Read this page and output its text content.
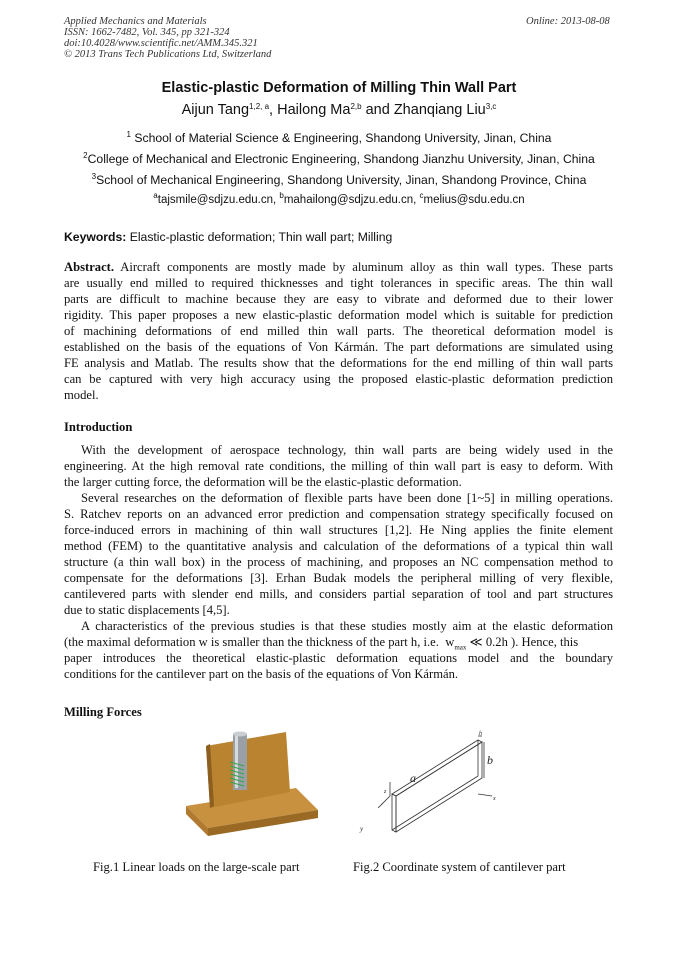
Applied Mechanics and Materials
ISSN: 1662-7482, Vol. 345, pp 321-324
doi:10.4028/www.scientific.net/AMM.345.321
© 2013 Trans Tech Publications Ltd, Switzerland
Online: 2013-08-08
Elastic-plastic Deformation of Milling Thin Wall Part
Aijun Tang$^{1,2, a}$, Hailong Ma$^{2,b}$ and Zhanqiang Liu$^{3,c}$
$^1$ School of Material Science & Engineering, Shandong University, Jinan, China
$^2$College of Mechanical and Electronic Engineering, Shandong Jianzhu University, Jinan, China
$^3$School of Mechanical Engineering, Shandong University, Jinan, Shandong Province, China
$^a$tajsmile@sdjzu.edu.cn, $^b$mahailong@sdjzu.edu.cn, $^c$melius@sdu.edu.cn
Keywords: Elastic-plastic deformation; Thin wall part; Milling
Abstract. Aircraft components are mostly made by aluminum alloy as thin wall types. These parts
are usually end milled to required thicknesses and tight tolerances in specific areas. The thin wall
parts are difficult to machine because they are easy to vibrate and deformed due to their lower
rigidity. This paper proposes a new elastic-plastic deformation model which is suitable for prediction
of machining deformations of end milled thin wall parts. The theoretical deformation model is
established on the basis of the equations of Von Kármán. The part deformations are simulated using
FE analysis and Matlab. The results show that the deformations for the end milling of thin wall parts
can be captured with very high accuracy using the proposed elastic-plastic deformation prediction
model.
Introduction
With the development of aerospace technology, thin wall parts are being widely used in the
engineering. At the high removal rate conditions, the milling of thin wall part is easy to deform. With
the larger cutting force, the deformation will be the elastic-plastic deformation.
Several researches on the deformation of flexible parts have been done [1~5] in milling operations.
S. Ratchev reports on an advanced error prediction and compensation strategy specifically focused on
force-induced errors in machining of thin wall structures [1,2]. He Ning applies the finite element
method (FEM) to the quantitative analysis and calculation of the deformations of a typical thin wall
structure (a thin wall box) in the process of machining, and proposes an NC compensation method to
compensate for the deformations [3]. Erhan Budak models the peripheral milling of very flexible,
cantilevered parts with slender end mills, and considers partial separation of tool and part structures
due to static displacements [4,5].
A characteristics of the previous studies is that these studies mostly aim at the elastic deformation
(the maximal deformation w is smaller than the thickness of the part h, i.e.  $w_{max}$ ≪ 0.2h ). Hence, this
paper introduces the theoretical elastic-plastic deformation equations model and the boundary
conditions for the cantilever part on the basis of the equations of Von Kármán.
Milling Forces
Fig.1 Linear loads on the large-scale part
a
b
h
x
y
z
Fig.2 Coordinate system of cantilever part
